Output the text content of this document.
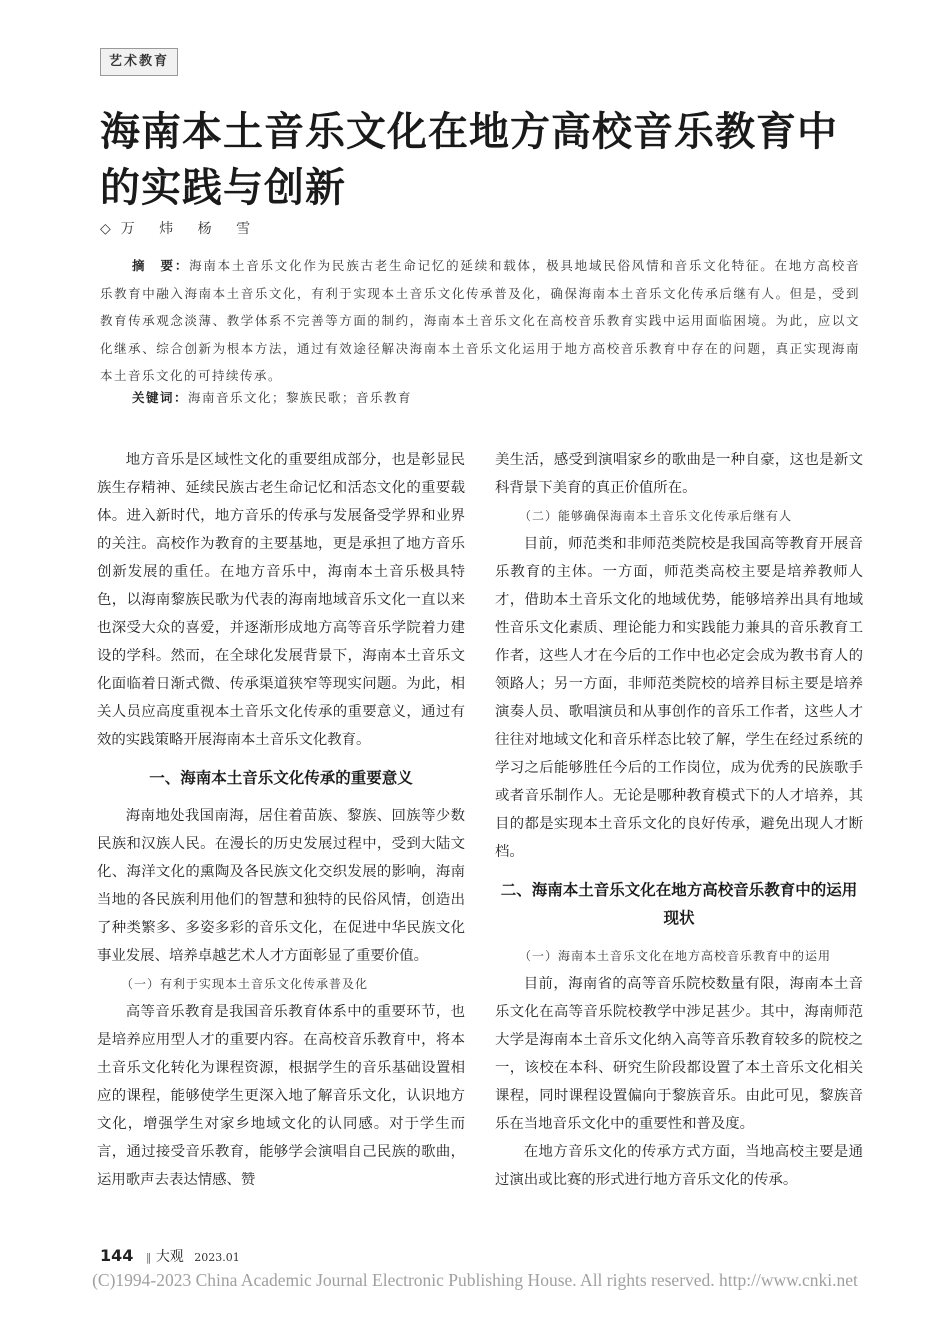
艺术教育
海南本土音乐文化在地方高校音乐教育中的实践与创新
◇万 炜 杨 雪
摘　要：海南本土音乐文化作为民族古老生命记忆的延续和载体，极具地域民俗风情和音乐文化特征。在地方高校音乐教育中融入海南本土音乐文化，有利于实现本土音乐文化传承普及化，确保海南本土音乐文化传承后继有人。但是，受到教育传承观念淡薄、教学体系不完善等方面的制约，海南本土音乐文化在高校音乐教育实践中运用面临困境。为此，应以文化继承、综合创新为根本方法，通过有效途径解决海南本土音乐文化运用于地方高校音乐教育中存在的问题，真正实现海南本土音乐文化的可持续传承。
关键词：海南音乐文化；黎族民歌；音乐教育

地方音乐是区域性文化的重要组成部分，也是彰显民族生存精神、延续民族古老生命记忆和活态文化的重要载体。进入新时代，地方音乐的传承与发展备受学界和业界的关注。高校作为教育的主要基地，更是承担了地方音乐创新发展的重任。在地方音乐中，海南本土音乐极具特色，以海南黎族民歌为代表的海南地域音乐文化一直以来也深受大众的喜爱，并逐渐形成地方高等音乐学院着力建设的学科。然而，在全球化发展背景下，海南本土音乐文化面临着日渐式微、传承渠道狭窄等现实问题。为此，相关人员应高度重视本土音乐文化传承的重要意义，通过有效的实践策略开展海南本土音乐文化教育。

一、海南本土音乐文化传承的重要意义

海南地处我国南海，居住着苗族、黎族、回族等少数民族和汉族人民。在漫长的历史发展过程中，受到大陆文化、海洋文化的熏陶及各民族文化交织发展的影响，海南当地的各民族利用他们的智慧和独特的民俗风情，创造出了种类繁多、多姿多彩的音乐文化，在促进中华民族文化事业发展、培养卓越艺术人才方面彰显了重要价值。

（一）有利于实现本土音乐文化传承普及化

高等音乐教育是我国音乐教育体系中的重要环节，也是培养应用型人才的重要内容。在高校音乐教育中，将本土音乐文化转化为课程资源，根据学生的音乐基础设置相应的课程，能够使学生更深入地了解音乐文化，认识地方文化，增强学生对家乡地域文化的认同感。对于学生而言，通过接受音乐教育，能够学会演唱自己民族的歌曲，运用歌声去表达情感、赞

美生活，感受到演唱家乡的歌曲是一种自豪，这也是新文科背景下美育的真正价值所在。

（二）能够确保海南本土音乐文化传承后继有人

目前，师范类和非师范类院校是我国高等教育开展音乐教育的主体。一方面，师范类高校主要是培养教师人才，借助本土音乐文化的地域优势，能够培养出具有地域性音乐文化素质、理论能力和实践能力兼具的音乐教育工作者，这些人才在今后的工作中也必定会成为教书育人的领路人；另一方面，非师范类院校的培养目标主要是培养演奏人员、歌唱演员和从事创作的音乐工作者，这些人才往往对地域文化和音乐样态比较了解，学生在经过系统的学习之后能够胜任今后的工作岗位，成为优秀的民族歌手或者音乐制作人。无论是哪种教育模式下的人才培养，其目的都是实现本土音乐文化的良好传承，避免出现人才断档。

二、海南本土音乐文化在地方高校音乐教育中的运用现状

（一）海南本土音乐文化在地方高校音乐教育中的运用

目前，海南省的高等音乐院校数量有限，海南本土音乐文化在高等音乐院校教学中涉足甚少。其中，海南师范大学是海南本土音乐文化纳入高等音乐教育较多的院校之一，该校在本科、研究生阶段都设置了本土音乐文化相关课程，同时课程设置偏向于黎族音乐。由此可见，黎族音乐在当地音乐文化中的重要性和普及度。

在地方音乐文化的传承方式方面，当地高校主要是通过演出或比赛的形式进行地方音乐文化的传承。

144 ‖ 大观 2023.01
(C)1994-2023 China Academic Journal Electronic Publishing House. All rights reserved. http://www.cnki.net
